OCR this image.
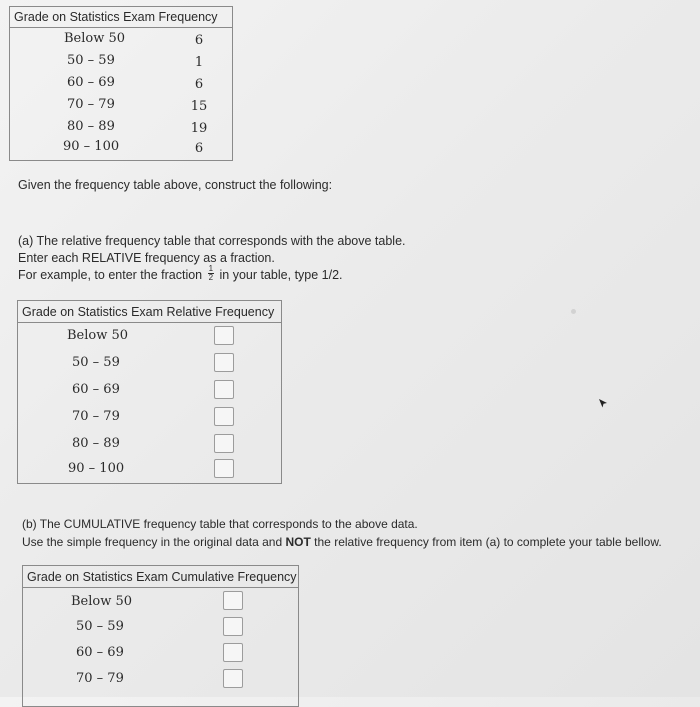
Grade on Statistics Exam Frequency
Below 50	6
50 – 59	1
60 – 69	6
70 – 79	15
80 – 89	19
90 – 100	6
Given the frequency table above, construct the following:
(a) The relative frequency table that corresponds with the above table.
Enter each RELATIVE frequency as a fraction.
For example, to enter the fraction $\frac{1}{2}$ in your table, type 1/2.
Grade on Statistics Exam Relative Frequency
Below 50
50 – 59
60 – 69
70 – 79
80 – 89
90 – 100
(b) The CUMULATIVE frequency table that corresponds to the above data.
Use the simple frequency in the original data and NOT the relative frequency from item (a) to complete your table bellow.
Grade on Statistics Exam Cumulative Frequency
Below 50
50 – 59
60 – 69
70 – 79
